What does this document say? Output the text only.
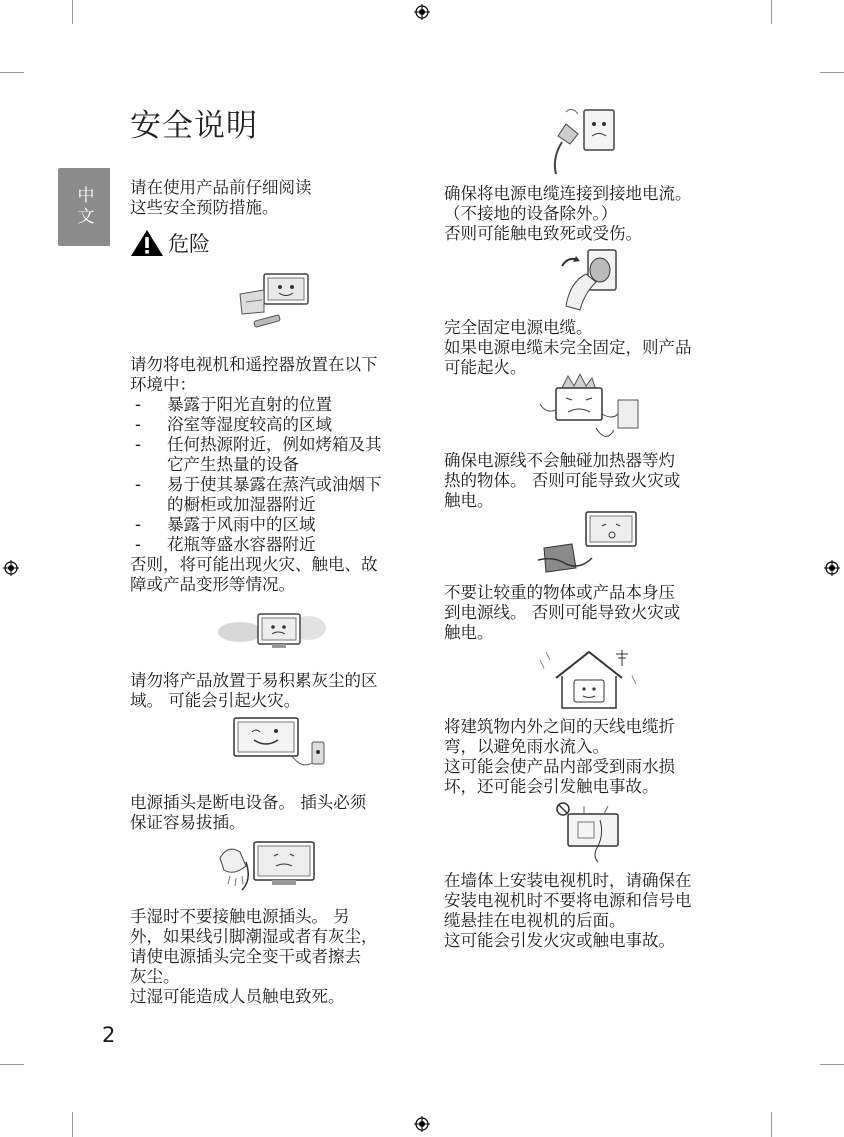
安全说明
中文	请在使用产品前仔细阅读
这些安全预防措施。
危险
请勿将电视机和遥控器放置在以下
环境中：
- 暴露于阳光直射的位置
- 浴室等湿度较高的区域
- 任何热源附近，例如烤箱及其
它产生热量的设备
- 易于使其暴露在蒸汽或油烟下
的橱柜或加湿器附近
- 暴露于风雨中的区域
- 花瓶等盛水容器附近
否则，将可能出现火灾、触电、故
障或产品变形等情况。
请勿将产品放置于易积累灰尘的区
域。 可能会引起火灾。
电源插头是断电设备。 插头必须
保证容易拔插。
手湿时不要接触电源插头。 另
外，如果线引脚潮湿或者有灰尘，
请使电源插头完全变干或者擦去
灰尘。
过湿可能造成人员触电致死。
2
确保将电源电缆连接到接地电流。
（不接地的设备除外。）
否则可能触电致死或受伤。
完全固定电源电缆。
如果电源电缆未完全固定，则产品
可能起火。
确保电源线不会触碰加热器等灼
热的物体。 否则可能导致火灾或
触电。
不要让较重的物体或产品本身压
到电源线。 否则可能导致火灾或
触电。
将建筑物内外之间的天线电缆折
弯，以避免雨水流入。
这可能会使产品内部受到雨水损
坏，还可能会引发触电事故。
在墙体上安装电视机时，请确保在
安装电视机时不要将电源和信号电
缆悬挂在电视机的后面。
这可能会引发火灾或触电事故。
